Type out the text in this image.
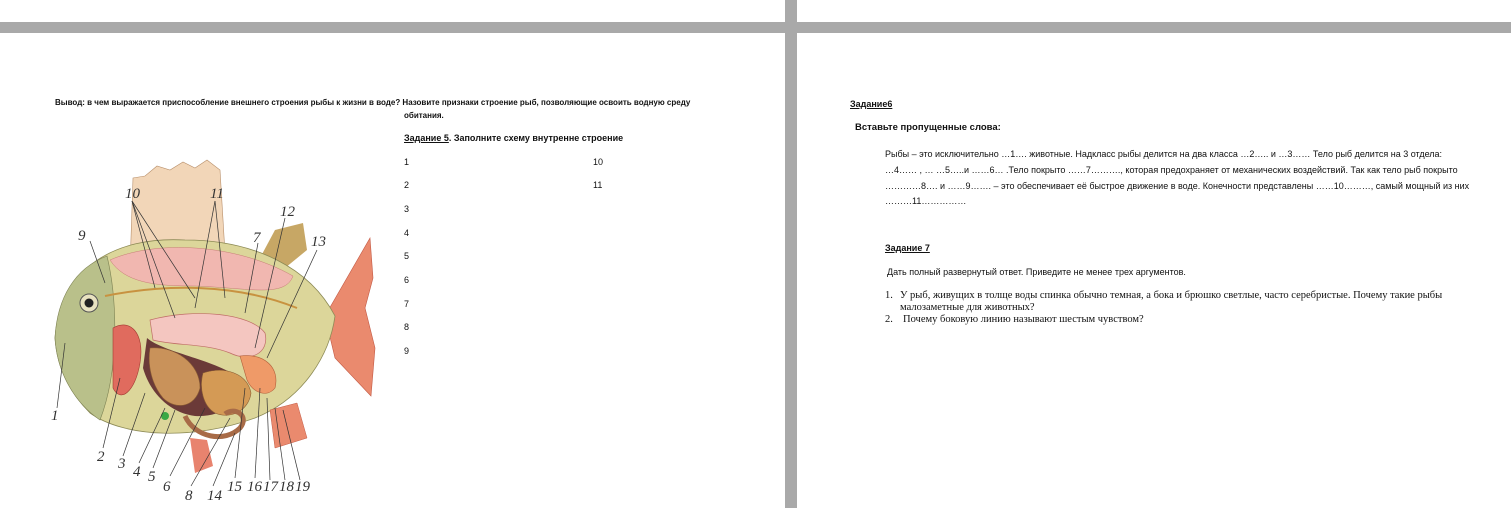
Вывод: в чем выражается приспособление внешнего строения рыбы к жизни в воде? Назовите признаки строение рыб, позволяющие освоить водную среду
обитания.
Задание 5. Заполните схему внутренне строение
1
2
3
4
5
6
7
8
9
10
11
10	11
9	7
12
13
1
2 3 4 5
6
8 14
15 16 17 18 19
Задание6
Вставьте пропущенные слова:
Рыбы – это исключительно …1…. животные. Надкласс рыбы делится на два класса …2….. и …3…… Тело рыб делится на 3 отдела:
…4…… , … …5…..и ……6… .Тело покрыто ……7………., которая предохраняет от механических воздействий. Так как тело рыб покрыто
…………8…. и ……9……. – это обеспечивает её быстрое движение в воде. Конечности представлены ……10………, самый мощный из них
………11……………
Задание 7
Дать полный развернутый ответ. Приведите не менее трех аргументов.
1. У рыб, живущих в толще воды спинка обычно темная, а бока и брюшко светлые, часто серебристые. Почему такие рыбы
малозаметные для животных?
2. Почему боковую линию называют шестым чувством?
